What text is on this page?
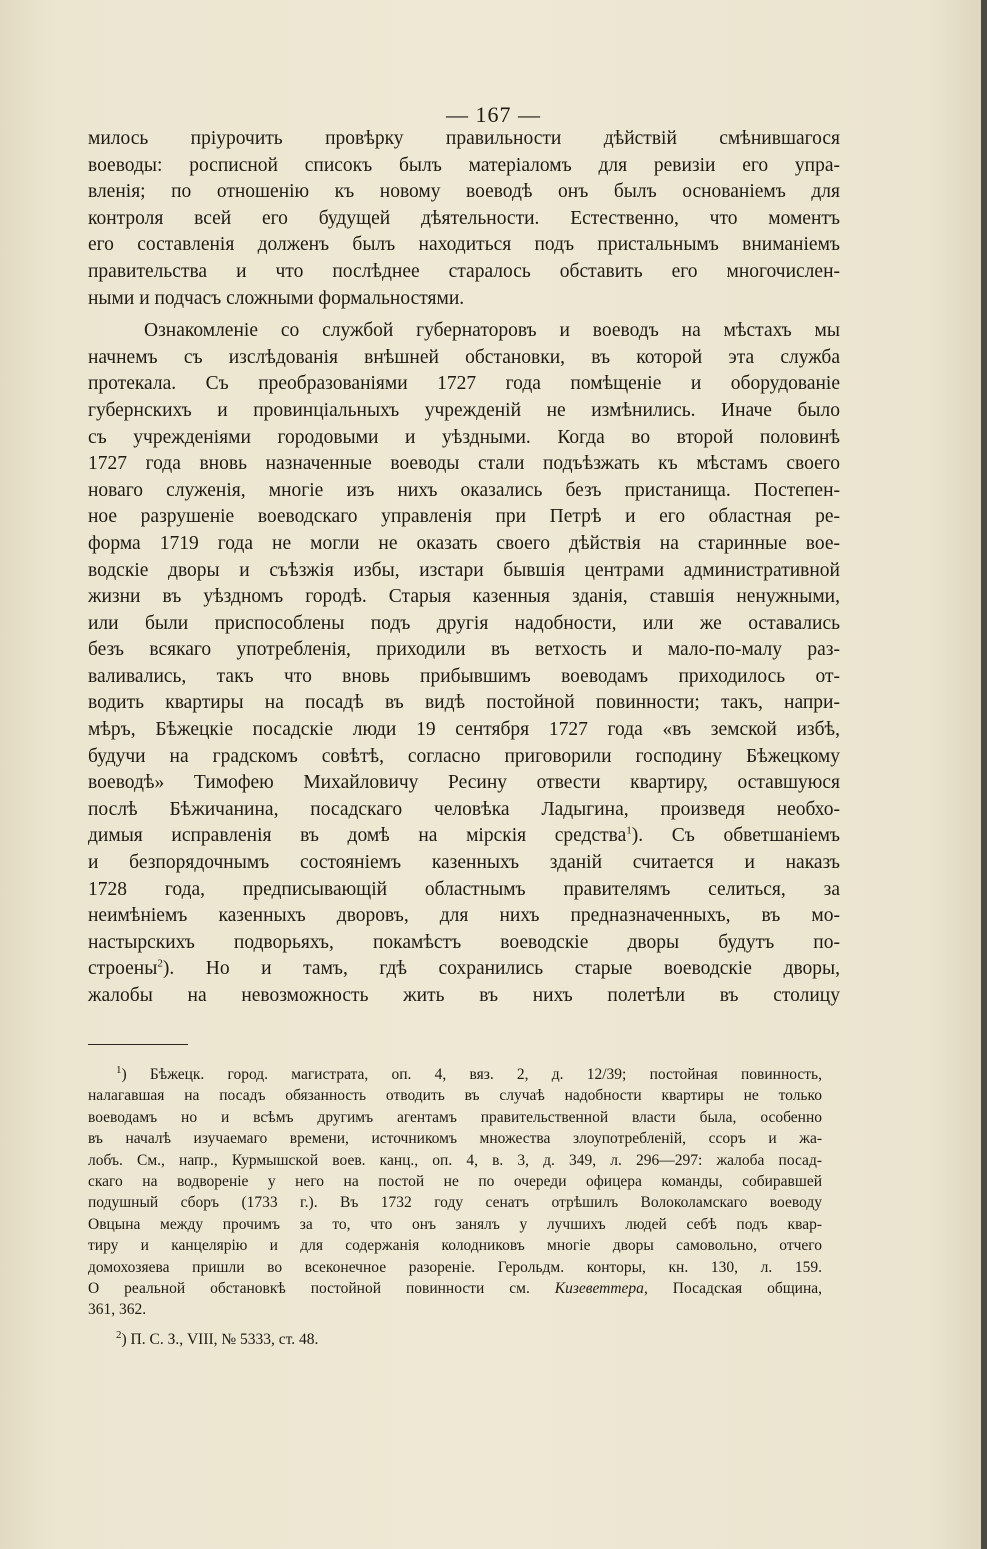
— 167 —
милось пріурочить провѣрку правильности дѣйствій смѣнившагося
воеводы: росписной списокъ былъ матеріаломъ для ревизіи его упра-
вленія; по отношенію къ новому воеводѣ онъ былъ основаніемъ для
контроля всей его будущей дѣятельности. Естественно, что моментъ
его составленія долженъ былъ находиться подъ пристальнымъ вниманіемъ
правительства и что послѣднее старалось обставить его многочислен-
ными и подчасъ сложными формальностями.
Ознакомленіе со службой губернаторовъ и воеводъ на мѣстахъ мы
начнемъ съ изслѣдованія внѣшней обстановки, въ которой эта служба
протекала. Съ преобразованіями 1727 года помѣщеніе и оборудованіе
губернскихъ и провинціальныхъ учрежденій не измѣнились. Иначе было
съ учрежденіями городовыми и уѣздными. Когда во второй половинѣ
1727 года вновь назначенные воеводы стали подъѣзжать къ мѣстамъ своего
новаго служенія, многіе изъ нихъ оказались безъ пристанища. Постепен-
ное разрушеніе воеводскаго управленія при Петрѣ и его областная ре-
форма 1719 года не могли не оказать своего дѣйствія на старинные вое-
водскіе дворы и съѣзжія избы, изстари бывшія центрами административной
жизни въ уѣздномъ городѣ. Старыя казенныя зданія, ставшія ненужными,
или были приспособлены подъ другія надобности, или же оставались
безъ всякаго употребленія, приходили въ ветхость и мало-по-малу раз-
валивались, такъ что вновь прибывшимъ воеводамъ приходилось от-
водить квартиры на посадѣ въ видѣ постойной повинности; такъ, напри-
мѣръ, Бѣжецкіе посадскіе люди 19 сентября 1727 года «въ земской избѣ,
будучи на градскомъ совѣтѣ, согласно приговорили господину Бѣжецкому
воеводѣ» Тимофею Михайловичу Ресину отвести квартиру, оставшуюся
послѣ Бѣжичанина, посадскаго человѣка Ладыгина, произведя необхо-
димыя исправленія въ домѣ на мірскія средства$^1$). Съ обветшаніемъ
и безпорядочнымъ состояніемъ казенныхъ зданій считается и наказъ
1728 года, предписывающій областнымъ правителямъ селиться, за
неимѣніемъ казенныхъ дворовъ, для нихъ предназначенныхъ, въ мо-
настырскихъ подворьяхъ, покамѣстъ воеводскіе дворы будутъ по-
строены$^2$). Но и тамъ, гдѣ сохранились старые воеводскіе дворы,
жалобы на невозможность жить въ нихъ полетѣли въ столицу
$^1$) Бѣжецк. город. магистрата, оп. 4, вяз. 2, д. 12/39; постойная повинность,
налагавшая на посадъ обязанность отводить въ случаѣ надобности квартиры не только
воеводамъ но и всѣмъ другимъ агентамъ правительственной власти была, особенно
въ началѣ изучаемаго времени, источникомъ множества злоупотребленій, ссоръ и жа-
лобъ. См., напр., Курмышской воев. канц., оп. 4, в. 3, д. 349, л. 296—297: жалоба посад-
скаго на водвореніе у него на постой не по очереди офицера команды, собиравшей
подушный сборъ (1733 г.). Въ 1732 году сенатъ отрѣшилъ Волоколамскаго воеводу
Овцына между прочимъ за то, что онъ занялъ у лучшихъ людей себѣ подъ квар-
тиру и канцелярію и для содержанія колодниковъ многіе дворы самовольно, отчего
домохозяева пришли во всеконечное разореніе. Герольдм. конторы, кн. 130, л. 159.
О реальной обстановкѣ постойной повинности см. Кизеветтера, Посадская община,
361, 362.
$^2$) П. С. З., VIII, № 5333, ст. 48.
